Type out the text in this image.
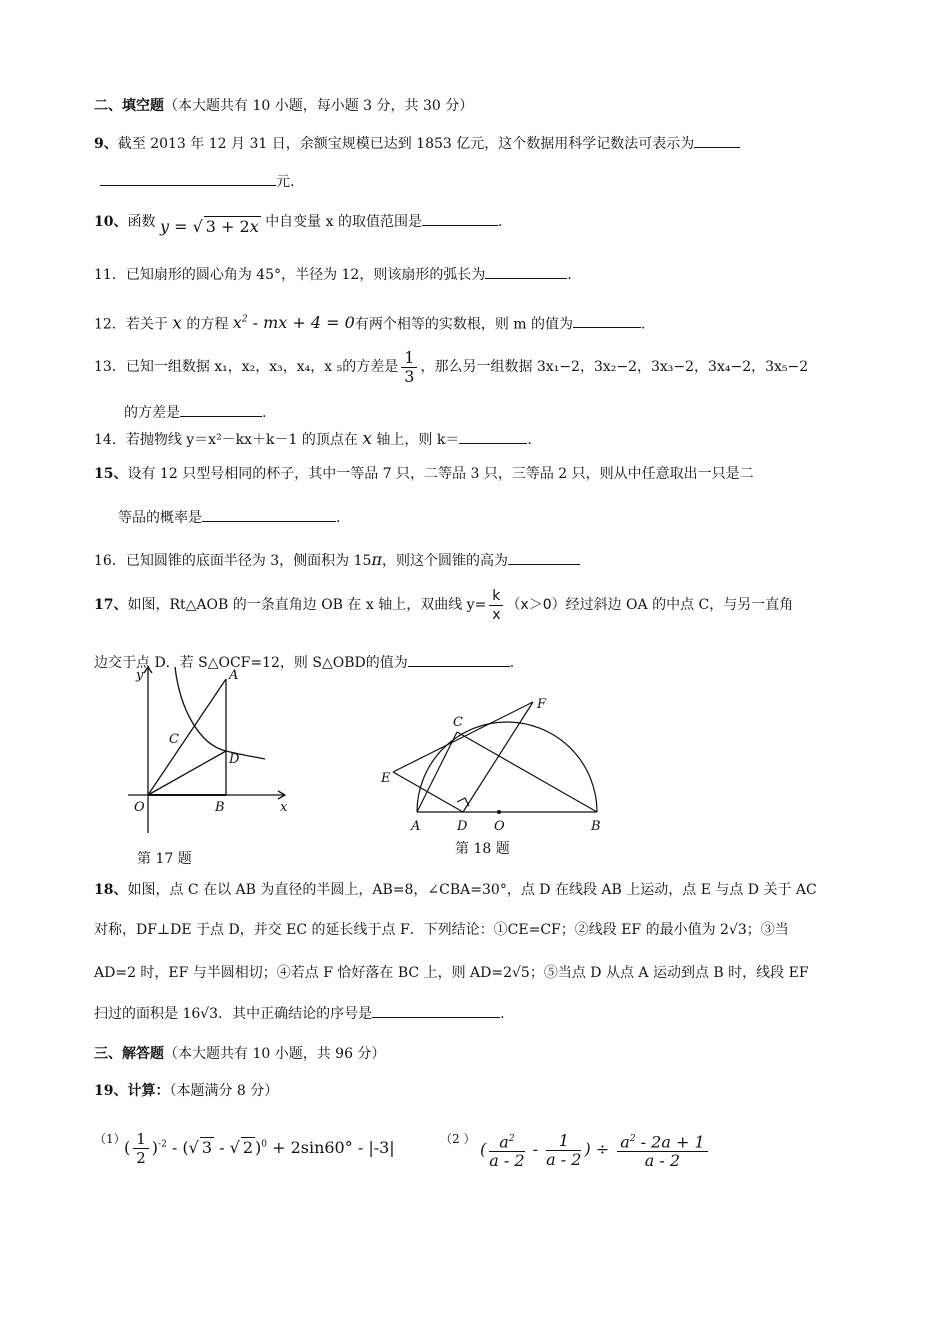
二、填空题（本大题共有 10 小题，每小题 3 分，共 30 分）
9、截至 2013 年 12 月 31 日，余额宝规模已达到 1853 亿元，这个数据用科学记数法可表示为
元.
10、函数 y = √ 3 + 2x 中自变量 x 的取值范围是	.
11．已知扇形的圆心角为 45°，半径为 12，则该扇形的弧长为	.
12．若关于 x 的方程 $x^2$ - mx + 4 = 0有两个相等的实数根，则 m 的值为	.
13．已知一组数据 x₁，x₂，x₃，x₄，x ₅的方差是 $\frac{1}{3}$ ，那么另一组数据 3x₁−2，3x₂−2，3x₃−2，3x₄−2，3x₅−2
的方差是	.
14．若抛物线 y＝x²－kx＋k－1 的顶点在 x 轴上，则 k＝	.
15、设有 12 只型号相同的杯子，其中一等品 7 只，二等品 3 只，三等品 2 只，则从中任意取出一只是二
等品的概率是	.
16．已知圆锥的底面半径为 3，侧面积为 15π，则这个圆锥的高为
17、如图，Rt△AOB 的一条直角边 OB 在 x 轴上，双曲线 $y= \frac{k}{x} (x>0)$经过斜边 OA 的中点 C，与另一直角
边交于点 D．若 S△OCF=12，则 S△OBD的值为	.
y
x
A
C
D
O	B
第 17 题
F
C
E
A	D O	B
第 18 题
18、如图，点 C 在以 AB 为直径的半圆上，AB=8，∠CBA=30°，点 D 在线段 AB 上运动，点 E 与点 D 关于 AC
对称，DF⊥DE 于点 D，并交 EC 的延长线于点 F．下列结论：①CE=CF；②线段 EF 的最小值为 2√3；③当
AD=2 时，EF 与半圆相切；④若点 F 恰好落在 BC 上，则 AD=2√5；⑤当点 D 从点 A 运动到点 B 时，线段 EF
扫过的面积是 16√3．其中正确结论的序号是	.
三、解答题（本大题共有 10 小题，共 96 分）
19、计算：（本题满分 8 分）
（1）
( $\frac{1}{2} )^{-2}$ - (√ 3 - √ 2 )$^0$ + 2sin60° - |-3|	（2 ）
( $\frac{a^2}{a - 2} - \frac{1}{a - 2}$ ) ÷ $\frac{a^2 - 2a + 1}{a - 2}$
